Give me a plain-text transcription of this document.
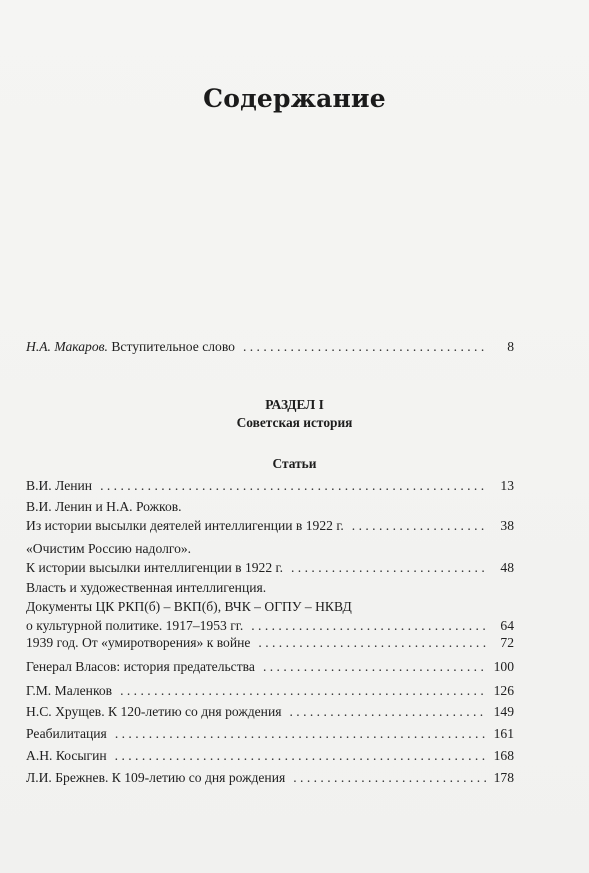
Содержание
Н.А. Макаров. Вступительное слово . . .	8
РАЗДЕЛ I
Советская история
Статьи
В.И. Ленин . . .	13
В.И. Ленин и Н.А. Рожков.
Из истории высылки деятелей интеллигенции в 1922 г. . . .	38
«Очистим Россию надолго».
К истории высылки интеллигенции в 1922 г. . . .	48
Власть и художественная интеллигенция.
Документы ЦК РКП(б) – ВКП(б), ВЧК – ОГПУ – НКВД
о культурной политике. 1917–1953 гг. . . .	64
1939 год. От «умиротворения» к войне . . .	72
Генерал Власов: история предательства . . .	100
Г.М. Маленков . . .	126
Н.С. Хрущев. К 120-летию со дня рождения . . .	149
Реабилитация . . .	161
А.Н. Косыгин . . .	168
Л.И. Брежнев. К 109-летию со дня рождения . . .	178
